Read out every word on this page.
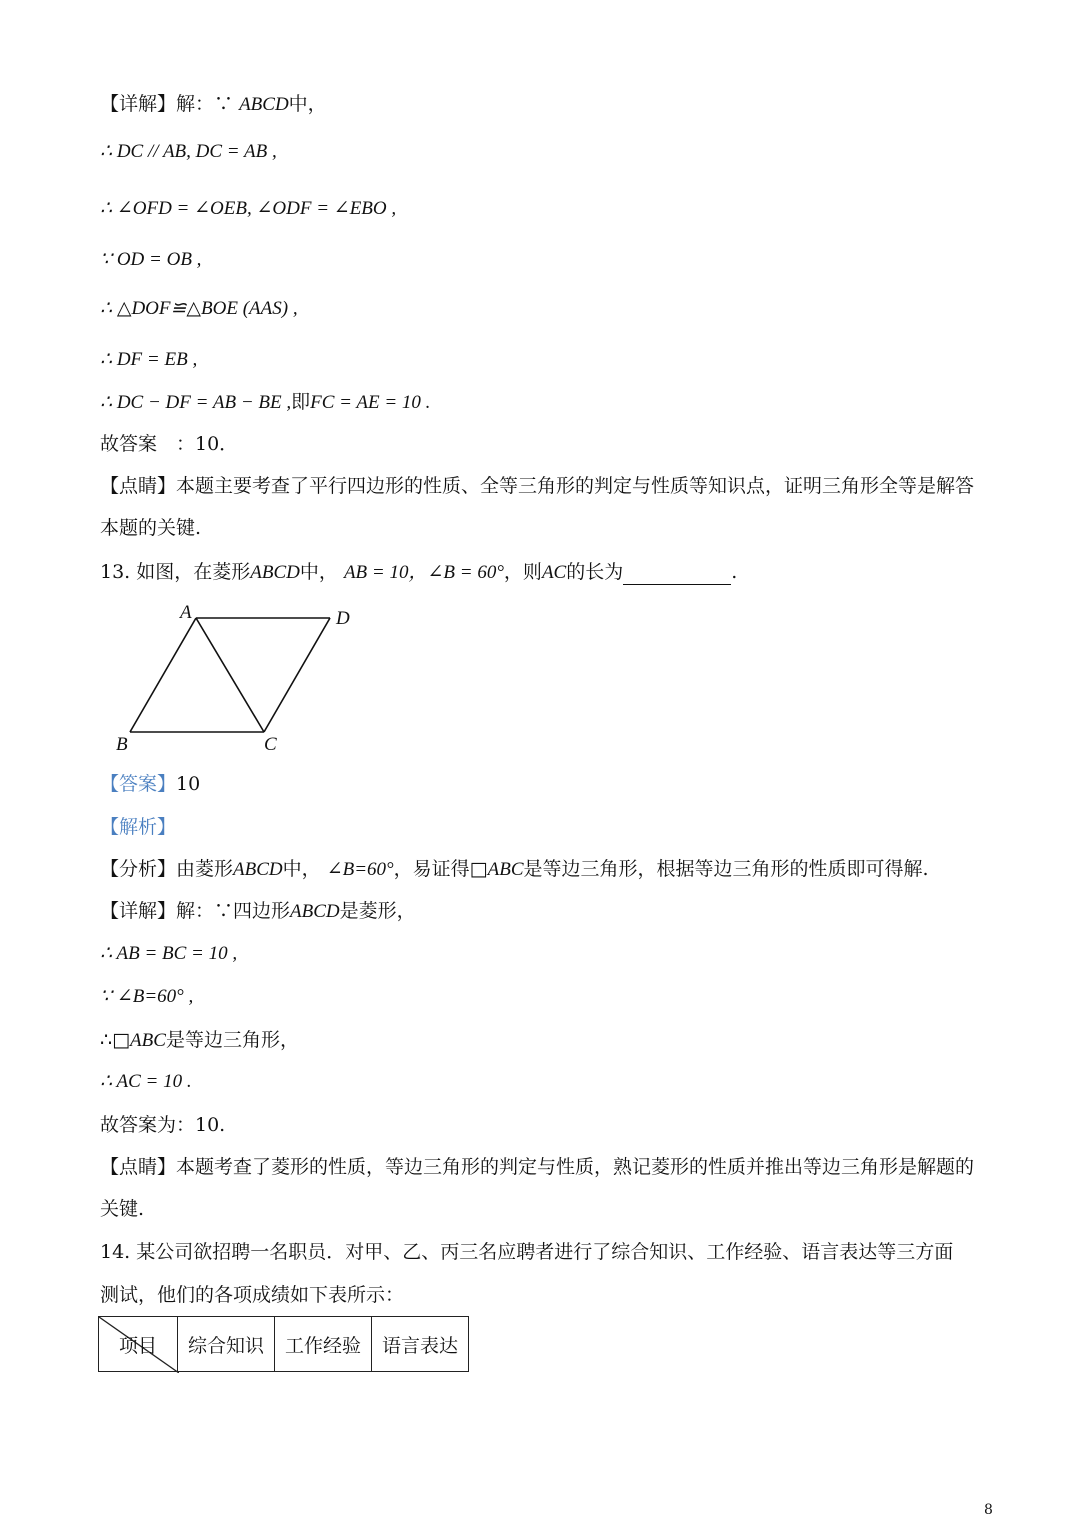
【详解】解：∵ ABCD中，
∴ DC // AB, DC = AB ,
∴ ∠OFD = ∠OEB, ∠ODF = ∠EBO ,
∵ OD = OB ,
∴ △DOF≌△BOE (AAS) ,
∴ DF = EB ,
∴ DC − DF = AB − BE ,即FC = AE = 10 .
故答案　：10．
【点睛】本题主要考查了平行四边形的性质、全等三角形的判定与性质等知识点，证明三角形全等是解答
本题的关键.
13. 如图，在菱形ABCD中， AB = 10，∠B = 60°，则AC的长为	.
A	D
B	C
【答案】10
【解析】
【分析】由菱形ABCD中， ∠B=60°，易证得□ABC是等边三角形，根据等边三角形的性质即可得解.
【详解】解：∵四边形ABCD是菱形，
∴ AB = BC = 10 ,
∵ ∠B=60° ,
∴□ABC是等边三角形，
∴ AC = 10 .
故答案为：10.
【点睛】本题考查了菱形的性质，等边三角形的判定与性质，熟记菱形的性质并推出等边三角形是解题的
关键.
14. 某公司欲招聘一名职员．对甲、乙、丙三名应聘者进行了综合知识、工作经验、语言表达等三方面
测试，他们的各项成绩如下表所示：
项目	综合知识	工作经验	语言表达
8
